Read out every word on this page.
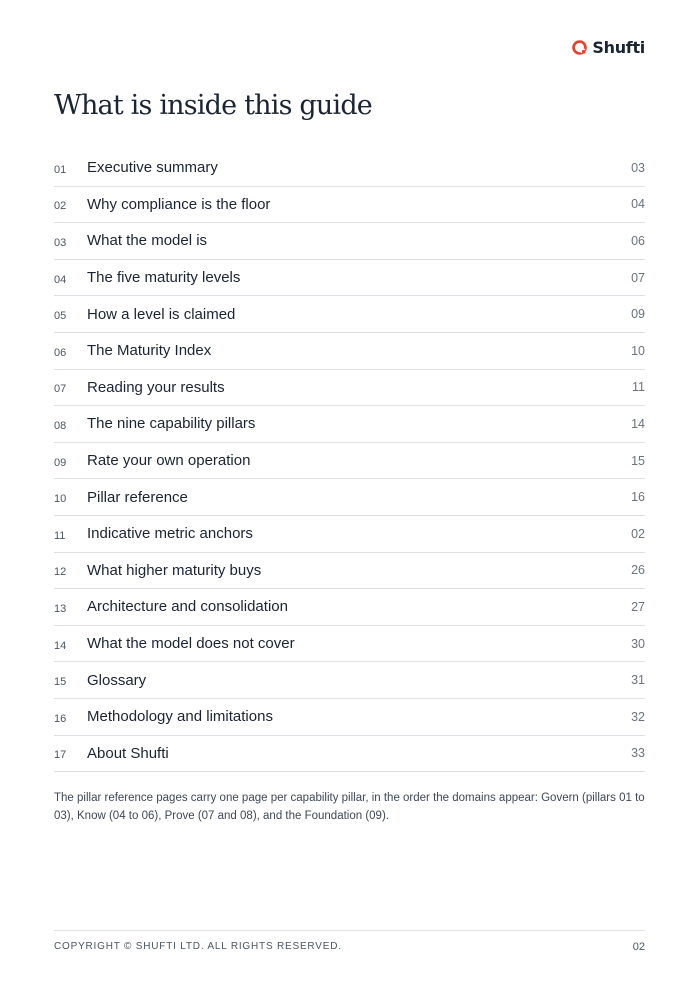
Shufti
What is inside this guide
01	Executive summary	03
02	Why compliance is the floor	04
03	What the model is	06
04	The five maturity levels	07
05	How a level is claimed	09
06	The Maturity Index	10
07	Reading your results	11
08	The nine capability pillars	14
09	Rate your own operation	15
10	Pillar reference	16
11	Indicative metric anchors	02
12	What higher maturity buys	26
13	Architecture and consolidation	27
14	What the model does not cover	30
15	Glossary	31
16	Methodology and limitations	32
17	About Shufti	33

The pillar reference pages carry one page per capability pillar, in the order the domains appear: Govern (pillars 01 to 03), Know (04 to 06), Prove (07 and 08), and the Foundation (09).

COPYRIGHT © SHUFTI LTD. ALL RIGHTS RESERVED.	02
